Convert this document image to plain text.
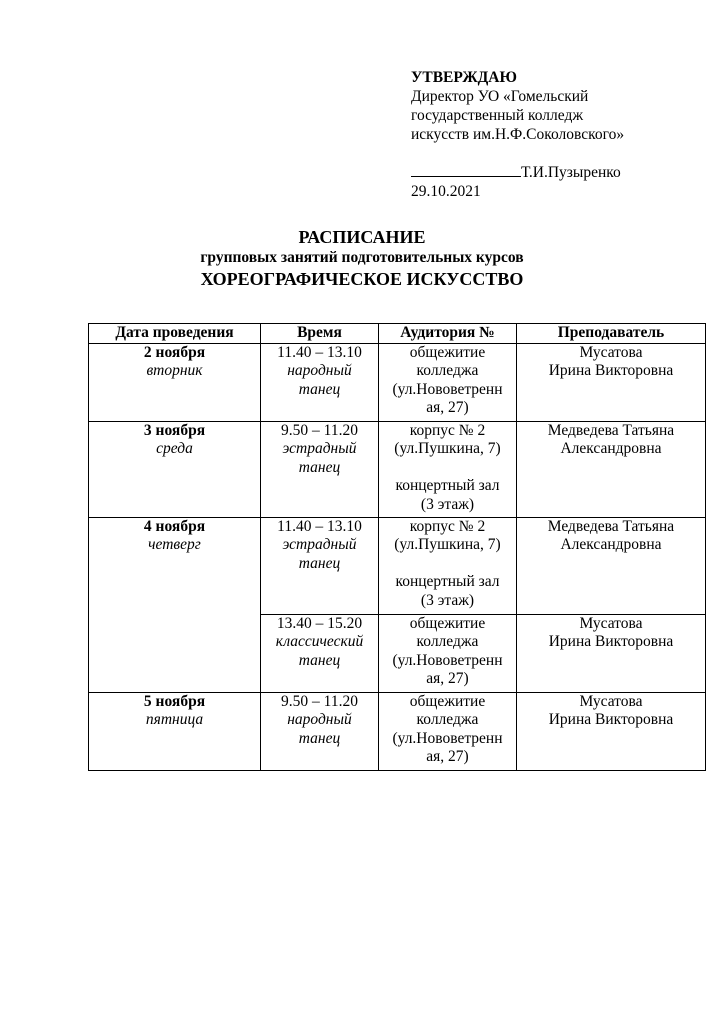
УТВЕРЖДАЮ
Директор УО «Гомельский
государственный колледж
искусств им.Н.Ф.Соколовского»
Т.И.Пузыренко
29.10.2021
РАСПИСАНИЕ
групповых занятий подготовительных курсов
ХОРЕОГРАФИЧЕСКОЕ ИСКУССТВО
Дата проведения	Время	Аудитория №	Преподаватель

2 ноября
вторник	11.40 – 13.10
народный
танец	общежитие
колледжа
(ул.Нововетренн
ая, 27)	Мусатова
Ирина Викторовна

3 ноября
среда	9.50 – 11.20
эстрадный
танец	корпус № 2
(ул.Пушкина, 7)
концертный зал
(3 этаж)	Медведева Татьяна
Александровна

4 ноября
четверг	11.40 – 13.10
эстрадный
танец	корпус № 2
(ул.Пушкина, 7)
концертный зал
(3 этаж)	Медведева Татьяна
Александровна

	13.40 – 15.20
классический
танец	общежитие
колледжа
(ул.Нововетренн
ая, 27)	Мусатова
Ирина Викторовна

5 ноября
пятница	9.50 – 11.20
народный
танец	общежитие
колледжа
(ул.Нововетренн
ая, 27)	Мусатова
Ирина Викторовна
